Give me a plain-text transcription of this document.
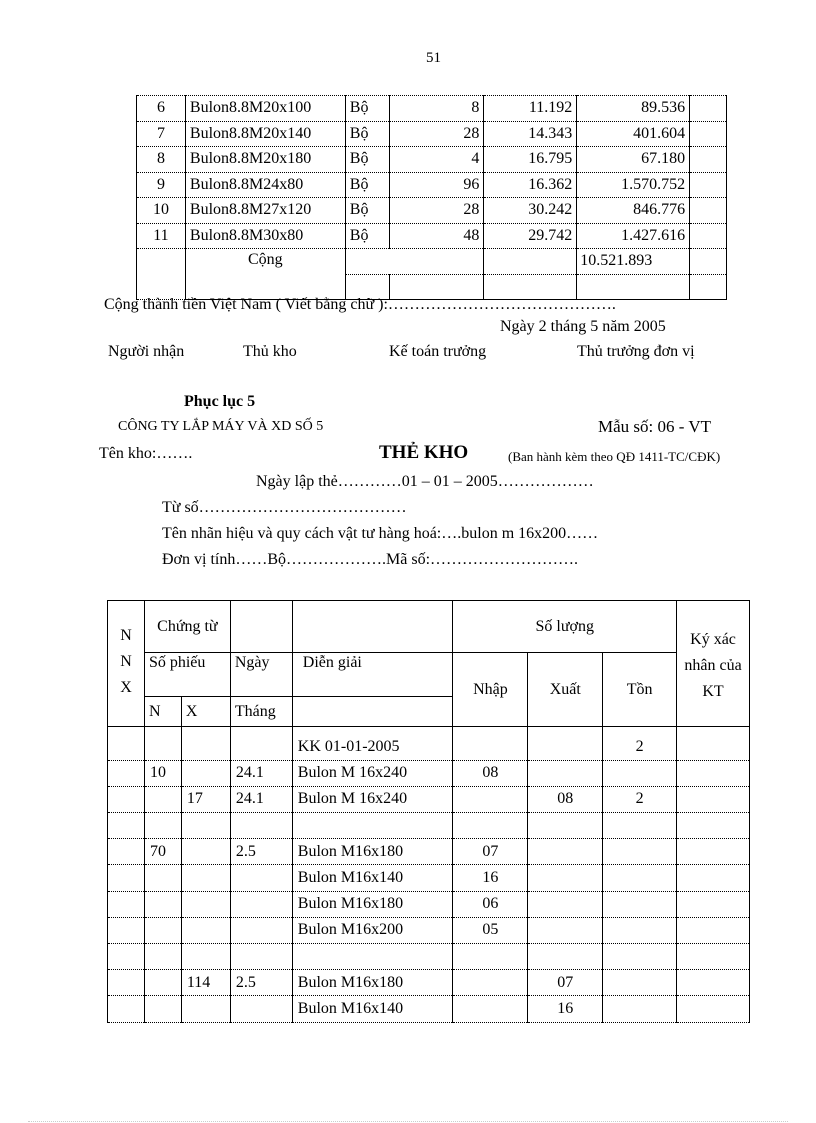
51
6	Bulon8.8M20x100	Bộ	8	11.192	89.536	
7	Bulon8.8M20x140	Bộ	28	14.343	401.604	
8	Bulon8.8M20x180	Bộ	4	16.795	67.180	
9	Bulon8.8M24x80	Bộ	96	16.362	1.570.752	
10	Bulon8.8M27x120	Bộ	28	30.242	846.776	
11	Bulon8.8M30x80	Bộ	48	29.742	1.427.616	
	Cộng				10.521.893	

Cộng thành tiền Việt Nam ( Viết bằng chữ ):…………………………………….
Ngày 2 tháng 5 năm 2005
Người nhận	Thủ kho	Kế toán trưởng	Thủ trưởng đơn vị
Phục lục 5
CÔNG TY LẮP MÁY VÀ XD SỐ 5	Mẫu số: 06 - VT
Tên kho:…….	THẺ KHO	(Ban hành kèm theo QĐ 1411-TC/CĐK)
Ngày lập thẻ…………01 – 01 – 2005………………
Từ số…………………………………
Tên nhãn hiệu và quy cách vật tư hàng hoá:….bulon m 16x200……
Đơn vị tính……Bộ……………….Mã số:……………………….
N
N
X	Chứng từ				Số lượng			Ký xác nhân của KT
	Số phiếu		Ngày	Diễn giải	Nhập	Xuất	Tồn	
	N	X	Tháng					

				KK 01-01-2005			2	
	10		24.1	Bulon M 16x240	08			
		17	24.1	Bulon M 16x240		08	2	

	70		2.5	Bulon M16x180	07			
				Bulon M16x140	16			
				Bulon M16x180	06			
				Bulon M16x200	05			

		114	2.5	Bulon M16x180		07		
				Bulon M16x140		16		
